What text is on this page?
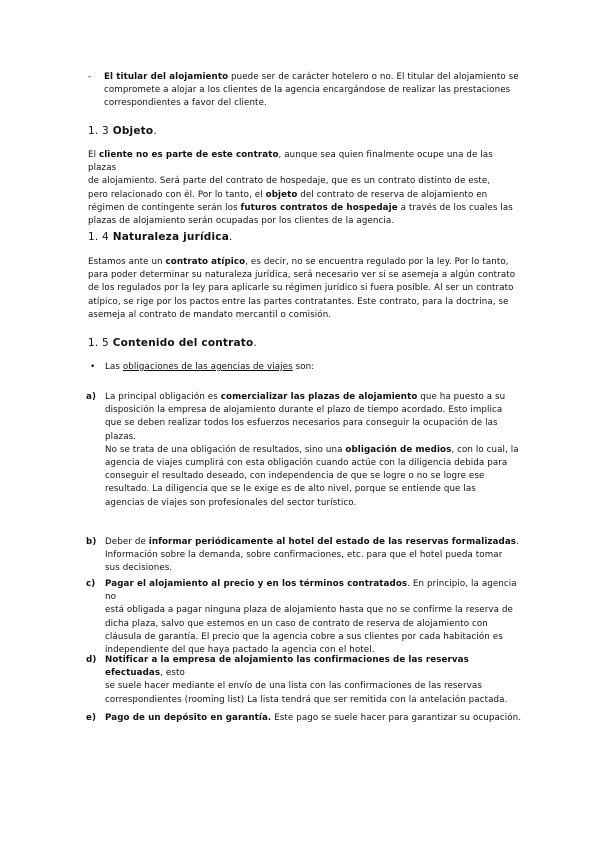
- El titular del alojamiento puede ser de carácter hotelero o no. El titular del alojamiento se
compromete a alojar a los clientes de la agencia encargándose de realizar las prestaciones
correspondientes a favor del cliente.
1. 3 Objeto.
El cliente no es parte de este contrato, aunque sea quien finalmente ocupe una de las plazas
de alojamiento. Será parte del contrato de hospedaje, que es un contrato distinto de este,
pero relacionado con él. Por lo tanto, el objeto del contrato de reserva de alojamiento en
régimen de contingente serán los futuros contratos de hospedaje a través de los cuales las
plazas de alojamiento serán ocupadas por los clientes de la agencia.
1. 4 Naturaleza jurídica.
Estamos ante un contrato atípico, es decir, no se encuentra regulado por la ley. Por lo tanto,
para poder determinar su naturaleza jurídica, será necesario ver si se asemeja a algún contrato
de los regulados por la ley para aplicarle su régimen jurídico si fuera posible. Al ser un contrato
atípico, se rige por los pactos entre las partes contratantes. Este contrato, para la doctrina, se
asemeja al contrato de mandato mercantil o comisión.
1. 5 Contenido del contrato.
• Las obligaciones de las agencias de viajes son:
a) La principal obligación es comercializar las plazas de alojamiento que ha puesto a su
disposición la empresa de alojamiento durante el plazo de tiempo acordado. Esto implica
que se deben realizar todos los esfuerzos necesarios para conseguir la ocupación de las
plazas.
No se trata de una obligación de resultados, sino una obligación de medios, con lo cual, la
agencia de viajes cumplirá con esta obligación cuando actúe con la diligencia debida para
conseguir el resultado deseado, con independencia de que se logre o no se logre ese
resultado. La diligencia que se le exige es de alto nivel, porque se entiende que las
agencias de viajes son profesionales del sector turístico.
b) Deber de informar periódicamente al hotel del estado de las reservas formalizadas.
Información sobre la demanda, sobre confirmaciones, etc. para que el hotel pueda tomar
sus decisiones.
c) Pagar el alojamiento al precio y en los términos contratados. En principio, la agencia no
está obligada a pagar ninguna plaza de alojamiento hasta que no se confirme la reserva de
dicha plaza, salvo que estemos en un caso de contrato de reserva de alojamiento con
cláusula de garantía. El precio que la agencia cobre a sus clientes por cada habitación es
independiente del que haya pactado la agencia con el hotel.
d) Notificar a la empresa de alojamiento las confirmaciones de las reservas efectuadas, esto
se suele hacer mediante el envío de una lista con las confirmaciones de las reservas
correspondientes (rooming list) La lista tendrá que ser remitida con la antelación pactada.
e) Pago de un depósito en garantía. Este pago se suele hacer para garantizar su ocupación.
